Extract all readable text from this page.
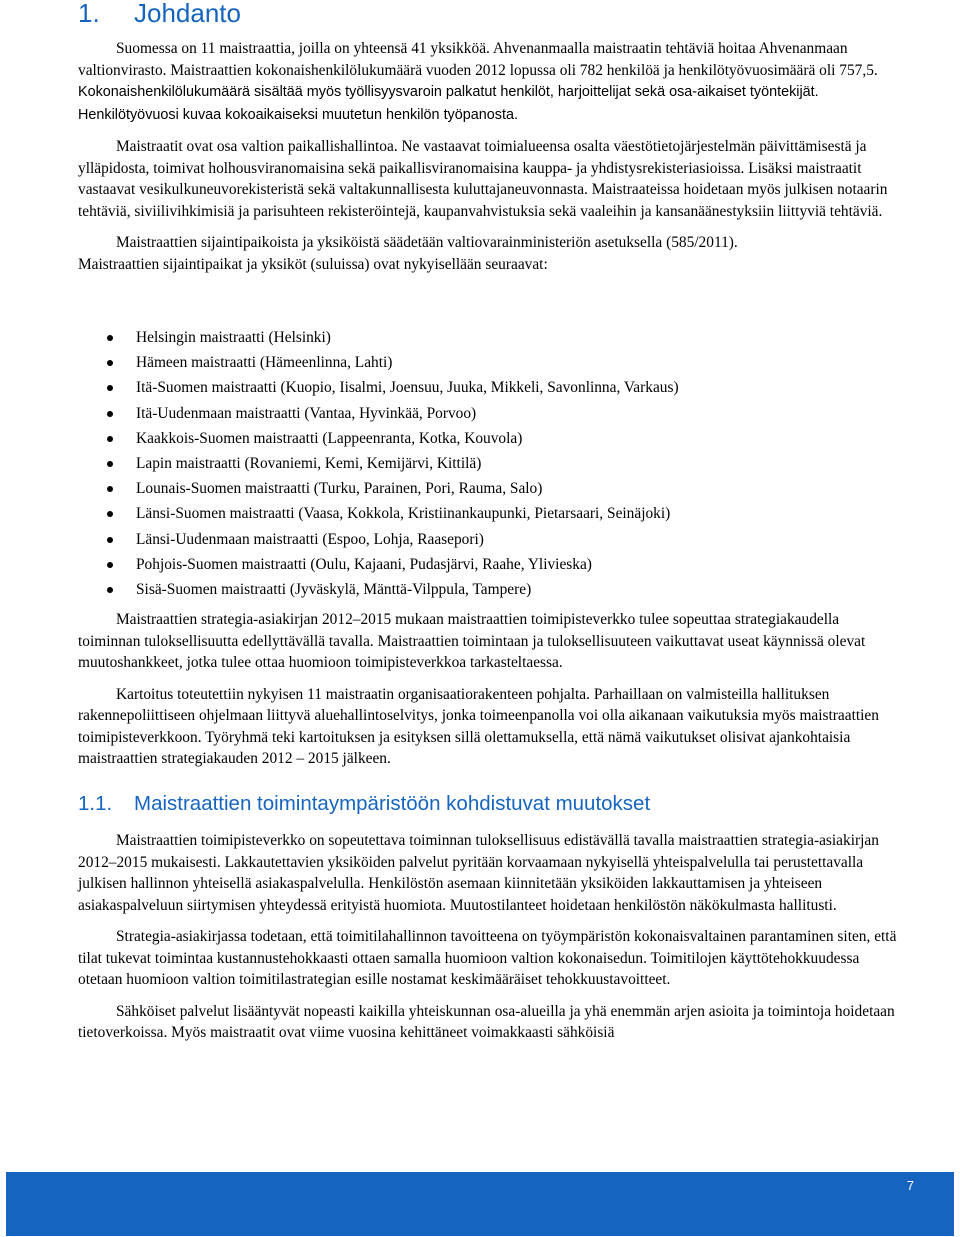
1. Johdanto

Suomessa on 11 maistraattia, joilla on yhteensä 41 yksikköä. Ahvenanmaalla maistraatin tehtäviä hoitaa Ahvenanmaan valtionvirasto. Maistraattien kokonaishenkilölukumäärä vuoden 2012 lopussa oli 782 henkilöä ja henkilötyövuosimäärä oli 757,5. Kokonaishenkilölukumäärä sisältää myös työllisyysvaroin palkatut henkilöt, harjoittelijat sekä osa-aikaiset työntekijät. Henkilötyövuosi kuvaa kokoaikaiseksi muutetun henkilön työpanosta.

Maistraatit ovat osa valtion paikallishallintoa. Ne vastaavat toimialueensa osalta väestötietojärjestelmän päivittämisestä ja ylläpidosta, toimivat holhousviranomaisina sekä paikallisviranomaisina kauppa- ja yhdistysrekisteriasioissa. Lisäksi maistraatit vastaavat vesikulkuneuvorekisteristä sekä valtakunnallisesta kuluttajaneuvonnasta. Maistraateissa hoidetaan myös julkisen notaarin tehtäviä, siviilivihkimisiä ja parisuhteen rekisteröintejä, kaupanvahvistuksia sekä vaaleihin ja kansanäänestyksiin liittyviä tehtäviä.

Maistraattien sijaintipaikoista ja yksiköistä säädetään valtiovarainministeriön asetuksella (585/2011).

Maistraattien sijaintipaikat ja yksiköt (suluissa) ovat nykyisellään seuraavat:

Helsingin maistraatti (Helsinki)
Hämeen maistraatti (Hämeenlinna, Lahti)
Itä-Suomen maistraatti (Kuopio, Iisalmi, Joensuu, Juuka, Mikkeli, Savonlinna, Varkaus)
Itä-Uudenmaan maistraatti (Vantaa, Hyvinkää, Porvoo)
Kaakkois-Suomen maistraatti (Lappeenranta, Kotka, Kouvola)
Lapin maistraatti (Rovaniemi, Kemi, Kemijärvi, Kittilä)
Lounais-Suomen maistraatti (Turku, Parainen, Pori, Rauma, Salo)
Länsi-Suomen maistraatti (Vaasa, Kokkola, Kristiinankaupunki, Pietarsaari, Seinäjoki)
Länsi-Uudenmaan maistraatti (Espoo, Lohja, Raasepori)
Pohjois-Suomen maistraatti (Oulu, Kajaani, Pudasjärvi, Raahe, Ylivieska)
Sisä-Suomen maistraatti (Jyväskylä, Mänttä-Vilppula, Tampere)

Maistraattien strategia-asiakirjan 2012–2015 mukaan maistraattien toimipisteverkko tulee sopeuttaa strategiakaudella toiminnan tuloksellisuutta edellyttävällä tavalla. Maistraattien toimintaan ja tuloksellisuuteen vaikuttavat useat käynnissä olevat muutoshankkeet, jotka tulee ottaa huomioon toimipisteverkkoa tarkasteltaessa.

Kartoitus toteutettiin nykyisen 11 maistraatin organisaatiorakenteen pohjalta. Parhaillaan on valmisteilla hallituksen rakennepoliittiseen ohjelmaan liittyvä aluehallintoselvitys, jonka toimeenpanolla voi olla aikanaan vaikutuksia myös maistraattien toimipisteverkkoon. Työryhmä teki kartoituksen ja esityksen sillä olettamuksella, että nämä vaikutukset olisivat ajankohtaisia maistraattien strategiakauden 2012 – 2015 jälkeen.

1.1. Maistraattien toimintaympäristöön kohdistuvat muutokset

Maistraattien toimipisteverkko on sopeutettava toiminnan tuloksellisuus edistävällä tavalla maistraattien strategia-asiakirjan 2012–2015 mukaisesti. Lakkautettavien yksiköiden palvelut pyritään korvaamaan nykyisellä yhteispalvelulla tai perustettavalla julkisen hallinnon yhteisellä asiakaspalvelulla. Henkilöstön asemaan kiinnitetään yksiköiden lakkauttamisen ja yhteiseen asiakaspalveluun siirtymisen yhteydessä erityistä huomiota. Muutostilanteet hoidetaan henkilöstön näkökulmasta hallitusti.

Strategia-asiakirjassa todetaan, että toimitilahallinnon tavoitteena on työympäristön kokonaisvaltainen parantaminen siten, että tilat tukevat toimintaa kustannustehokkaasti ottaen samalla huomioon valtion kokonaisedun. Toimitilojen käyttötehokkuudessa otetaan huomioon valtion toimitilastrategian esille nostamat keskimääräiset tehokkuustavoitteet.

Sähköiset palvelut lisääntyvät nopeasti kaikilla yhteiskunnan osa-alueilla ja yhä enemmän arjen asioita ja toimintoja hoidetaan tietoverkoissa. Myös maistraatit ovat viime vuosina kehittäneet voimakkaasti sähköisiä

7
